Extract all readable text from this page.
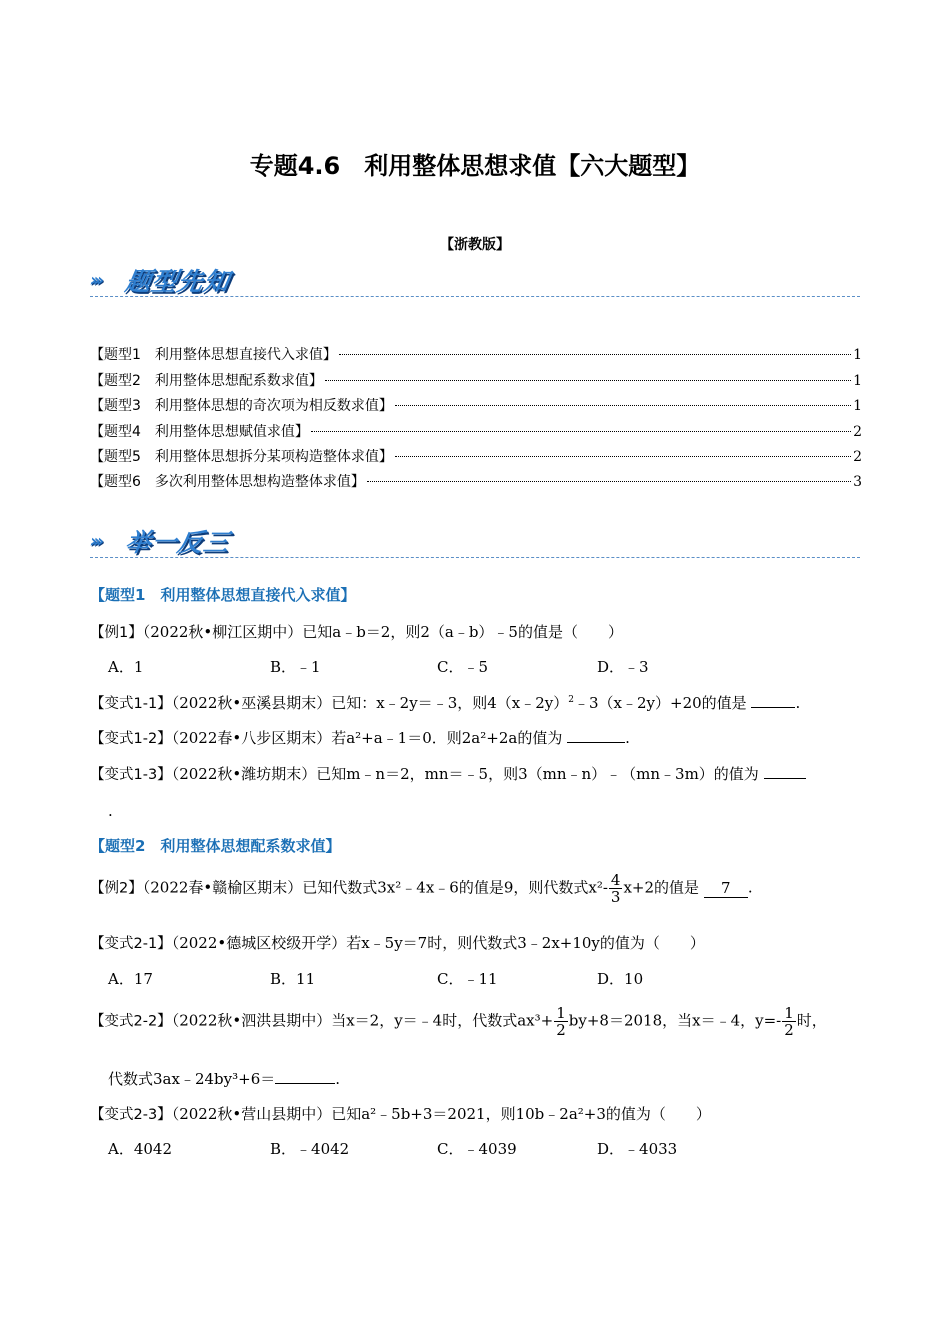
专题4.6　利用整体思想求值【六大题型】
【浙教版】
››› 题型先知
【题型1　利用整体思想直接代入求值】	1
【题型2　利用整体思想配系数求值】	1
【题型3　利用整体思想的奇次项为相反数求值】	1
【题型4　利用整体思想赋值求值】	2
【题型5　利用整体思想拆分某项构造整体求值】	2
【题型6　多次利用整体思想构造整体求值】	3
››› 举一反三
【题型1　利用整体思想直接代入求值】
【例1】（2022秋•柳江区期中）已知a﹣b＝2，则2（a﹣b）﹣5的值是（　　）
A．1	B．﹣1	C．﹣5	D．﹣3
【变式1-1】（2022秋•巫溪县期末）已知：x﹣2y＝﹣3，则4（x﹣2y）$^2$﹣3（x﹣2y）+20的值是	.
【变式1-2】（2022春•八步区期末）若a²+a﹣1＝0．则2a²+2a的值为	.
【变式1-3】（2022秋•潍坊期末）已知m﹣n＝2，mn＝﹣5，则3（mn﹣n）﹣（mn﹣3m）的值为
.
【题型2　利用整体思想配系数求值】
【例2】（2022春•赣榆区期末）已知代数式3x²﹣4x﹣6的值是9，则代数式$x^2- \frac{4}{3} x+2$的值是 7 .
【变式2-1】（2022•德城区校级开学）若x﹣5y＝7时，则代数式3﹣2x+10y的值为（　　）
A．17	B．11	C．﹣11	D．10
【变式2-2】（2022秋•泗洪县期中）当x＝2，y＝﹣4时，代数式$ax^3+ \frac{1}{2} by+8=2018$，当x＝﹣4，$y=- \frac{1}{2}$ 时，
代数式3ax﹣24by³+6＝	.
【变式2-3】（2022秋•营山县期中）已知a²﹣5b+3＝2021，则10b﹣2a²+3的值为（　　）
A．4042	B．﹣4042	C．﹣4039	D．﹣4033
